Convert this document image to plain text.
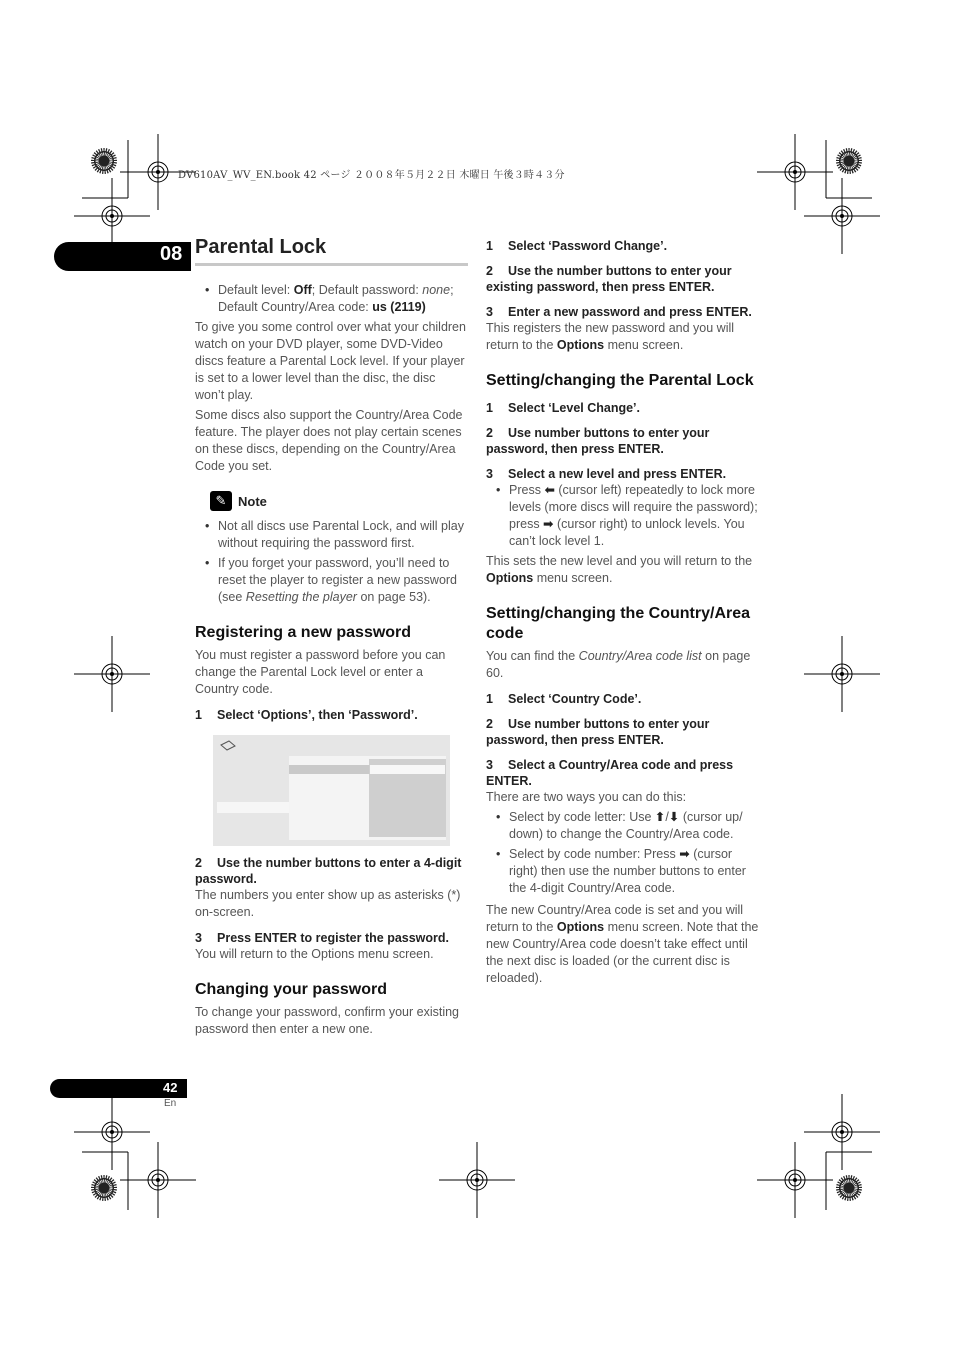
DV610AV_WV_EN.book 42 ページ ２００８年５月２２日 木曜日 午後３時４３分
08 Parental Lock
• Default level: Off; Default password: none; Default Country/Area code: us (2119)

To give you some control over what your children watch on your DVD player, some DVD-Video discs feature a Parental Lock level. If your player is set to a lower level than the disc, the disc won’t play.

Some discs also support the Country/Area Code feature. The player does not play certain scenes on these discs, depending on the Country/Area Code you set.

✎ Note
• Not all discs use Parental Lock, and will play without requiring the password first.
• If you forget your password, you’ll need to reset the player to register a new password (see Resetting the player on page 53).
Registering a new password

You must register a password before you can change the Parental Lock level or enter a Country code.

1 Select ‘Options’, then ‘Password’.
2 Use the number buttons to enter a 4-digit password.

The numbers you enter show up as asterisks (*) on-screen.

3 Press ENTER to register the password.

You will return to the Options menu screen.

Changing your password

To change your password, confirm your existing password then enter a new one.

1 Select ‘Password Change’.
2 Use the number buttons to enter your existing password, then press ENTER.
3 Enter a new password and press ENTER.

This registers the new password and you will return to the Options menu screen.

Setting/changing the Parental Lock
1 Select ‘Level Change’.
2 Use number buttons to enter your password, then press ENTER.
3 Select a new level and press ENTER.
• Press ⬅ (cursor left) repeatedly to lock more levels (more discs will require the password); press ➡ (cursor right) to unlock levels. You can’t lock level 1.

This sets the new level and you will return to the Options menu screen.

Setting/changing the Country/Area code

You can find the Country/Area code list on page 60.

1 Select ‘Country Code’.
2 Use number buttons to enter your password, then press ENTER.
3 Select a Country/Area code and press ENTER.

There are two ways you can do this:

• Select by code letter: Use ⬆/⬇ (cursor up/ down) to change the Country/Area code.
• Select by code number: Press ➡ (cursor right) then use the number buttons to enter the 4-digit Country/Area code.

The new Country/Area code is set and you will return to the Options menu screen. Note that the new Country/Area code doesn’t take effect until the next disc is loaded (or the current disc is reloaded).

42
En
